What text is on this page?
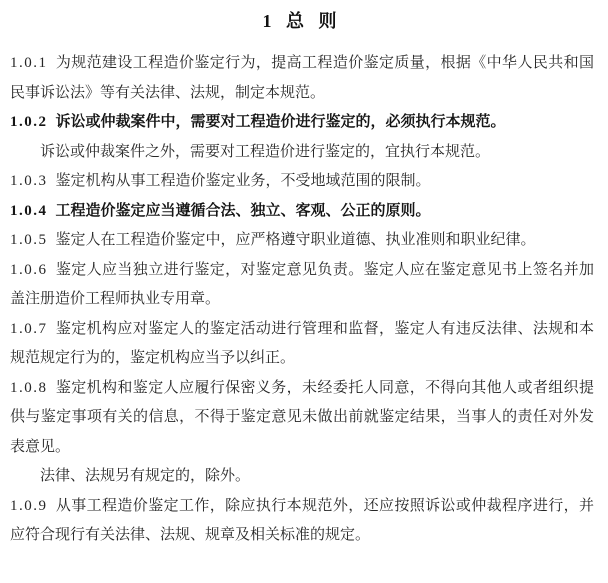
1 总 则

1.0.1 为规范建设工程造价鉴定行为，提高工程造价鉴定质量，根据《中华人民共和国民事诉讼法》等有关法律、法规，制定本规范。

1.0.2 诉讼或仲裁案件中，需要对工程造价进行鉴定的，必须执行本规范。

诉讼或仲裁案件之外，需要对工程造价进行鉴定的，宜执行本规范。

1.0.3 鉴定机构从事工程造价鉴定业务，不受地域范围的限制。

1.0.4 工程造价鉴定应当遵循合法、独立、客观、公正的原则。

1.0.5 鉴定人在工程造价鉴定中，应严格遵守职业道德、执业准则和职业纪律。

1.0.6 鉴定人应当独立进行鉴定，对鉴定意见负责。鉴定人应在鉴定意见书上签名并加盖注册造价工程师执业专用章。

1.0.7 鉴定机构应对鉴定人的鉴定活动进行管理和监督，鉴定人有违反法律、法规和本规范规定行为的，鉴定机构应当予以纠正。

1.0.8 鉴定机构和鉴定人应履行保密义务，未经委托人同意，不得向其他人或者组织提供与鉴定事项有关的信息，不得于鉴定意见未做出前就鉴定结果，当事人的责任对外发表意见。

法律、法规另有规定的，除外。

1.0.9 从事工程造价鉴定工作，除应执行本规范外，还应按照诉讼或仲裁程序进行，并应符合现行有关法律、法规、规章及相关标准的规定。
